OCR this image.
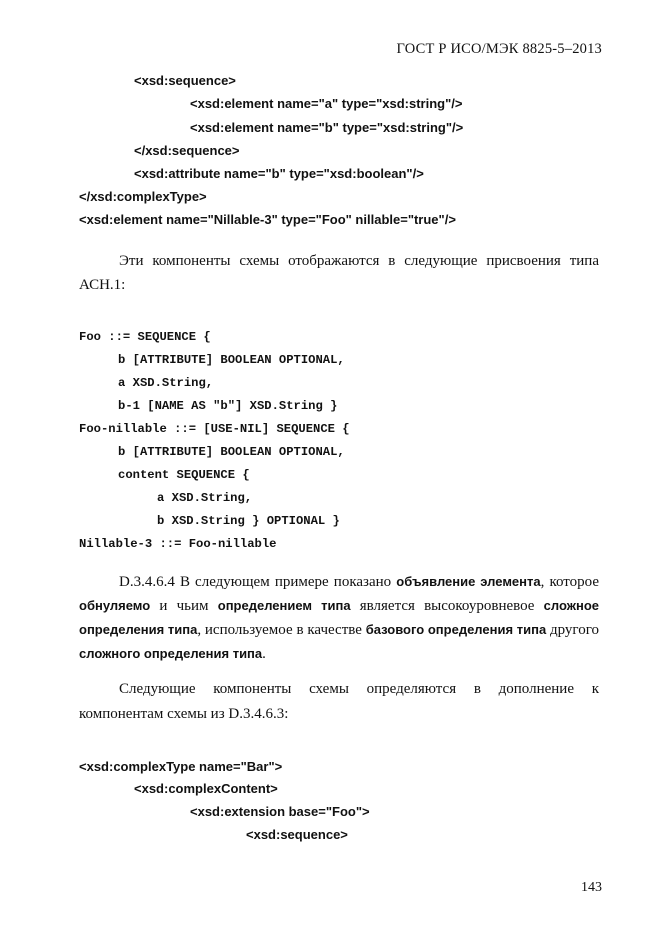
ГОСТ Р ИСО/МЭК 8825-5–2013
<xsd:sequence>
<xsd:element name="a" type="xsd:string"/>
<xsd:element name="b" type="xsd:string"/>
</xsd:sequence>
<xsd:attribute name="b" type="xsd:boolean"/>
</xsd:complexType>
<xsd:element name="Nillable-3" type="Foo" nillable="true"/>
Эти компоненты схемы отображаются в следующие присвоения типа
АСН.1:
Foo ::= SEQUENCE {
b [ATTRIBUTE] BOOLEAN OPTIONAL,
a XSD.String,
b-1 [NAME AS "b"] XSD.String }
Foo-nillable ::= [USE-NIL] SEQUENCE {
b [ATTRIBUTE] BOOLEAN OPTIONAL,
content SEQUENCE {
a XSD.String,
b XSD.String } OPTIONAL }
Nillable-3 ::= Foo-nillable

D.3.4.6.4 В следующем примере показано объявление элемента, которое обнуляемо и чьим определением типа является высокоуровневое сложное определения типа, используемое в качестве базового определения типа другого сложного определения типа.

Следующие компоненты схемы определяются в дополнение к
компонентам схемы из D.3.4.6.3:
<xsd:complexType name="Bar">
<xsd:complexContent>
<xsd:extension base="Foo">
<xsd:sequence>
143
